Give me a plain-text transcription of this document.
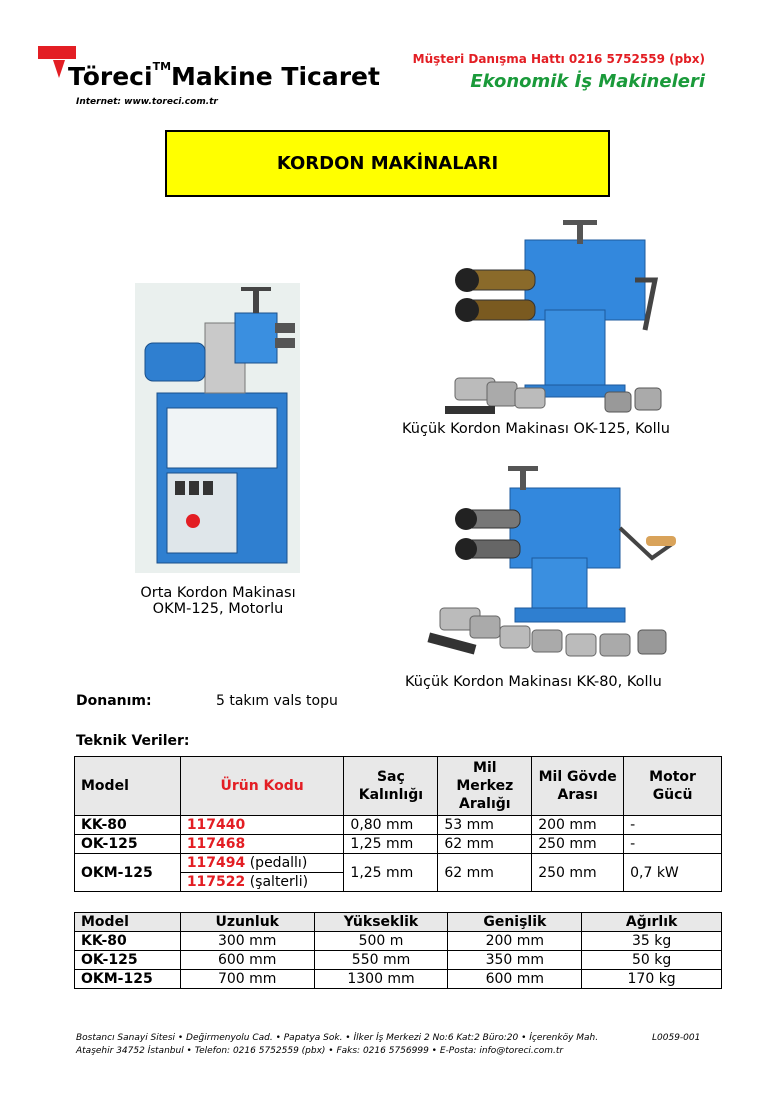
Töreci™Makine Ticaret
Internet: www.toreci.com.tr
Müşteri Danışma Hattı 0216 5752559 (pbx)
Ekonomik İş Makineleri
KORDON MAKİNALARI
Küçük Kordon Makinası OK-125, Kollu
Orta Kordon Makinası
OKM-125, Motorlu
Küçük Kordon Makinası KK-80, Kollu
Donanım:	5 takım vals topu
Teknik Veriler:
Model	Ürün Kodu	Saç Kalınlığı	Mil Merkez Aralığı	Mil Gövde Arası	Motor Gücü
KK-80	117440	0,80 mm	53 mm	200 mm	-
OK-125	117468	1,25 mm	62 mm	250 mm	-
OKM-125	117494 (pedallı)	1,25 mm	62 mm	250 mm	0,7 kW
	117522 (şalterli)				
Model	Uzunluk	Yükseklik	Genişlik	Ağırlık
KK-80	300 mm	500 m	200 mm	35 kg
OK-125	600 mm	550 mm	350 mm	50 kg
OKM-125	700 mm	1300 mm	600 mm	170 kg
Bostancı Sanayi Sitesi • Değirmenyolu Cad. • Papatya Sok. • İlker İş Merkezi 2 No:6 Kat:2 Büro:20 • İçerenköy Mah.
Ataşehir 34752 İstanbul • Telefon: 0216 5752559 (pbx) • Faks: 0216 5756999 • E-Posta: info@toreci.com.tr
L0059-001
